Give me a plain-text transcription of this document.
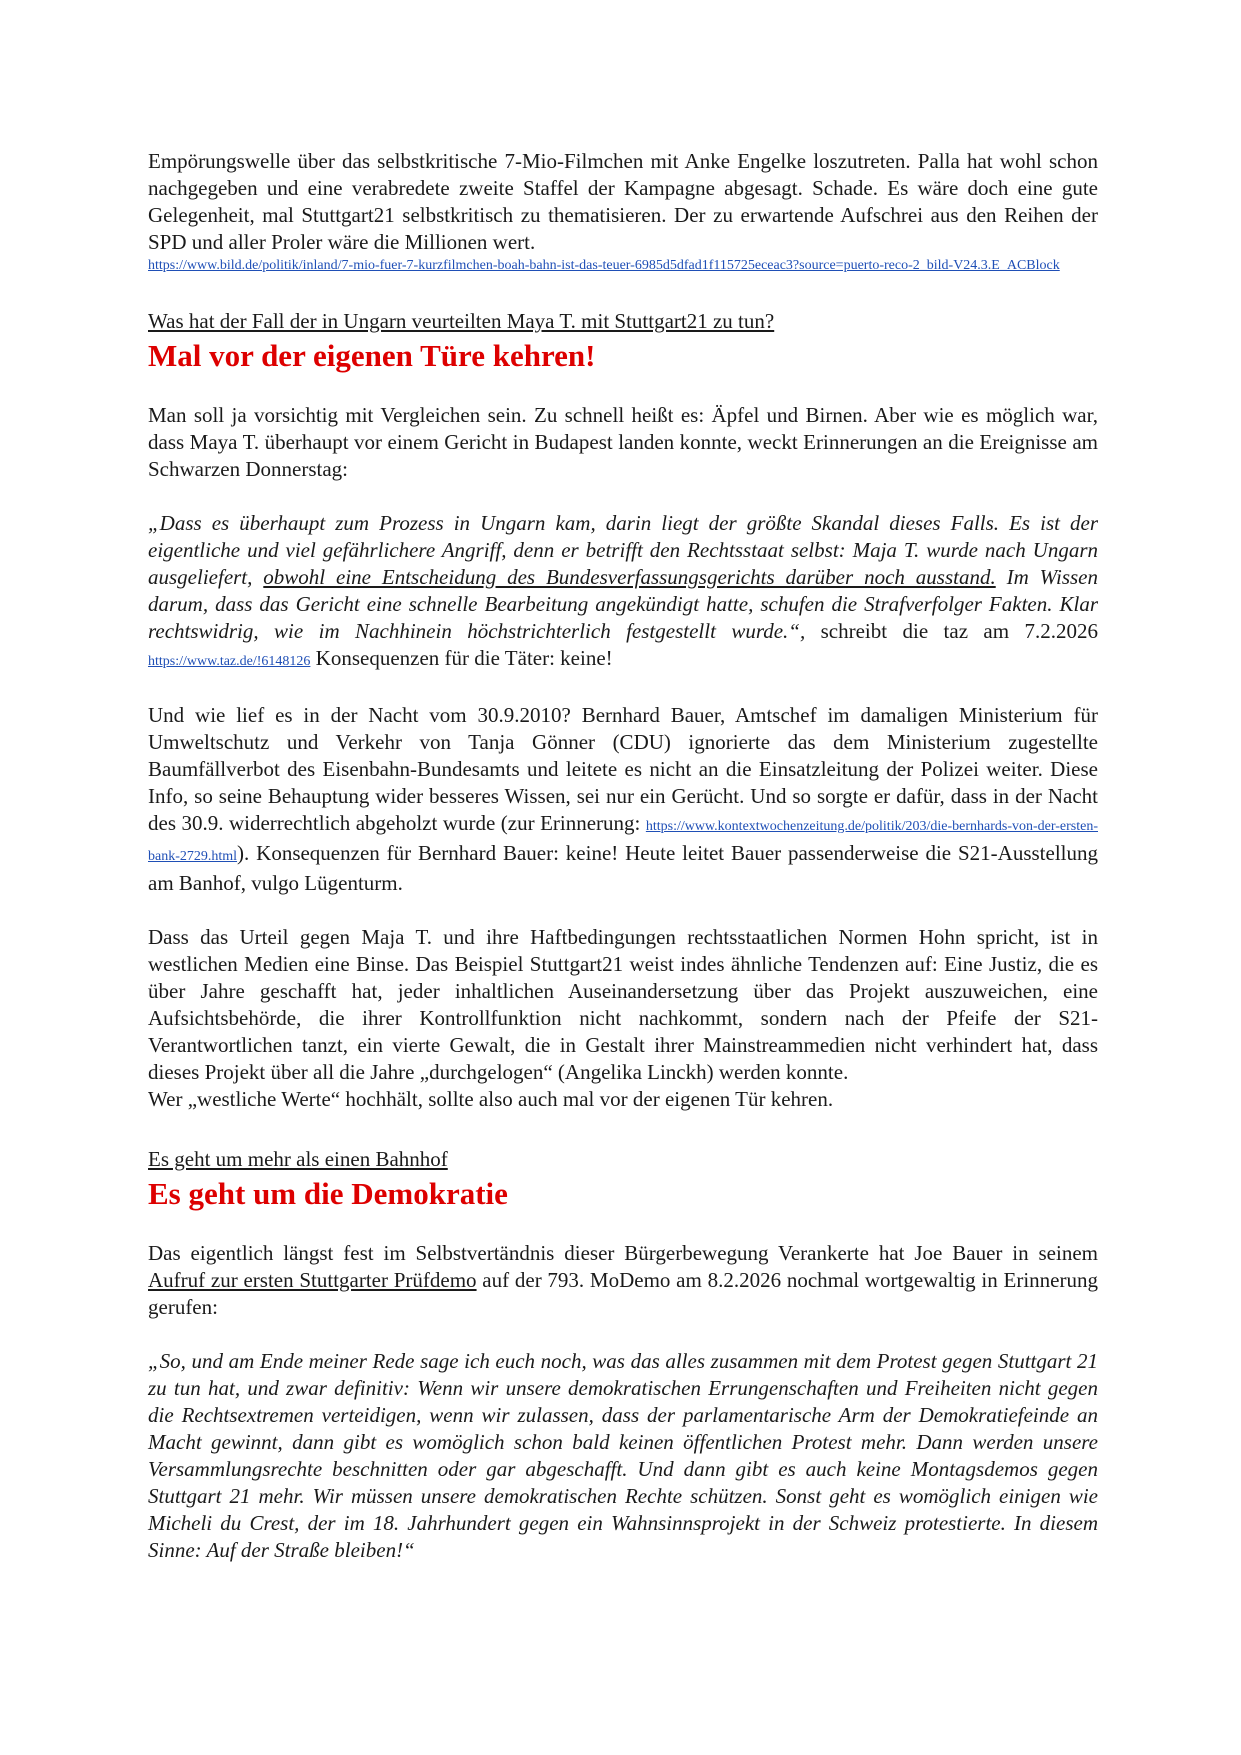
Empörungswelle über das selbstkritische 7-Mio-Filmchen mit Anke Engelke loszutreten. Palla hat wohl schon nachgegeben und eine verabredete zweite Staffel der Kampagne abgesagt. Schade. Es wäre doch eine gute Gelegenheit, mal Stuttgart21 selbstkritisch zu thematisieren. Der zu erwartende Aufschrei aus den Reihen der SPD und aller Proler wäre die Millionen wert.

https://www.bild.de/politik/inland/7-mio-fuer-7-kurzfilmchen-boah-bahn-ist-das-teuer-6985d5dfad1f115725eceac3?source=puerto-reco-2_bild-V24.3.E_ACBlock

Was hat der Fall der in Ungarn veurteilten Maya T. mit Stuttgart21 zu tun?

Mal vor der eigenen Türe kehren!

Man soll ja vorsichtig mit Vergleichen sein. Zu schnell heißt es: Äpfel und Birnen. Aber wie es möglich war, dass Maya T. überhaupt vor einem Gericht in Budapest landen konnte, weckt Erinnerungen an die Ereignisse am Schwarzen Donnerstag:

„Dass es überhaupt zum Prozess in Ungarn kam, darin liegt der größte Skandal dieses Falls. Es ist der eigentliche und viel gefährlichere Angriff, denn er betrifft den Rechtsstaat selbst: Maja T. wurde nach Ungarn ausgeliefert, obwohl eine Entscheidung des Bundesverfassungsgerichts darüber noch ausstand. Im Wissen darum, dass das Gericht eine schnelle Bearbeitung angekündigt hatte, schufen die Strafverfolger Fakten. Klar rechtswidrig, wie im Nachhinein höchstrichterlich festgestellt wurde.“, schreibt die taz am 7.2.2026 https://www.taz.de/!6148126 Konsequenzen für die Täter: keine!

Und wie lief es in der Nacht vom 30.9.2010? Bernhard Bauer, Amtschef im damaligen Ministerium für Umweltschutz und Verkehr von Tanja Gönner (CDU) ignorierte das dem Ministerium zugestellte Baumfällverbot des Eisenbahn-Bundesamts und leitete es nicht an die Einsatzleitung der Polizei weiter. Diese Info, so seine Behauptung wider besseres Wissen, sei nur ein Gerücht. Und so sorgte er dafür, dass in der Nacht des 30.9. widerrechtlich abgeholzt wurde (zur Erinnerung: https://www.kontextwochenzeitung.de/politik/203/die-bernhards-von-der-ersten-bank-2729.html). Konsequenzen für Bernhard Bauer: keine! Heute leitet Bauer passenderweise die S21-Ausstellung am Banhof, vulgo Lügenturm.

Dass das Urteil gegen Maja T. und ihre Haftbedingungen rechtsstaatlichen Normen Hohn spricht, ist in westlichen Medien eine Binse. Das Beispiel Stuttgart21 weist indes ähnliche Tendenzen auf: Eine Justiz, die es über Jahre geschafft hat, jeder inhaltlichen Auseinandersetzung über das Projekt auszuweichen, eine Aufsichtsbehörde, die ihrer Kontrollfunktion nicht nachkommt, sondern nach der Pfeife der S21-Verantwortlichen tanzt, ein vierte Gewalt, die in Gestalt ihrer Mainstreammedien nicht verhindert hat, dass dieses Projekt über all die Jahre „durchgelogen“ (Angelika Linckh) werden konnte.

Wer „westliche Werte“ hochhält, sollte also auch mal vor der eigenen Tür kehren.

Es geht um mehr als einen Bahnhof

Es geht um die Demokratie

Das eigentlich längst fest im Selbstvertändnis dieser Bürgerbewegung Verankerte hat Joe Bauer in seinem Aufruf zur ersten Stuttgarter Prüfdemo auf der 793. MoDemo am 8.2.2026 nochmal wortgewaltig in Erinnerung gerufen:

„So, und am Ende meiner Rede sage ich euch noch, was das alles zusammen mit dem Protest gegen Stuttgart 21 zu tun hat, und zwar definitiv: Wenn wir unsere demokratischen Errungenschaften und Freiheiten nicht gegen die Rechtsextremen verteidigen, wenn wir zulassen, dass der parlamentarische Arm der Demokratiefeinde an Macht gewinnt, dann gibt es womöglich schon bald keinen öffentlichen Protest mehr. Dann werden unsere Versammlungsrechte beschnitten oder gar abgeschafft. Und dann gibt es auch keine Montagsdemos gegen Stuttgart 21 mehr. Wir müssen unsere demokratischen Rechte schützen. Sonst geht es womöglich einigen wie Micheli du Crest, der im 18. Jahrhundert gegen ein Wahnsinnsprojekt in der Schweiz protestierte. In diesem Sinne: Auf der Straße bleiben!“
